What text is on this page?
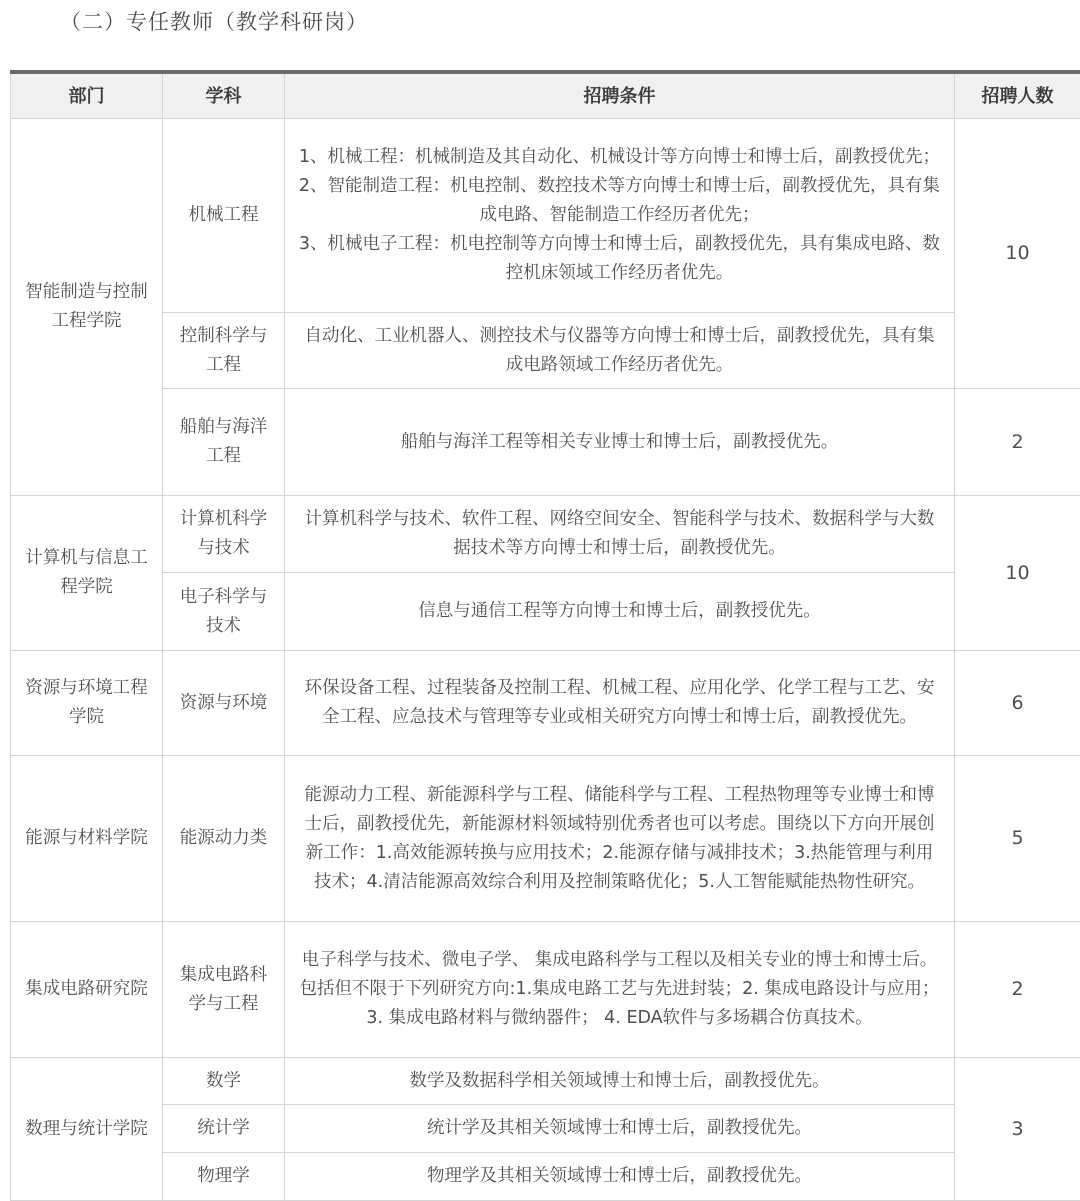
（二）专任教师（教学科研岗）
部门	学科	招聘条件	招聘人数
智能制造与控制工程学院	机械工程	1、机械工程：机械制造及其自动化、机械设计等方向博士和博士后，副教授优先；
2、智能制造工程：机电控制、数控技术等方向博士和博士后，副教授优先，具有集成电路、智能制造工作经历者优先；
3、机械电子工程：机电控制等方向博士和博士后，副教授优先，具有集成电路、数控机床领域工作经历者优先。	10
	控制科学与工程	自动化、工业机器人、测控技术与仪器等方向博士和博士后，副教授优先，具有集成电路领域工作经历者优先。	
	船舶与海洋工程	船舶与海洋工程等相关专业博士和博士后，副教授优先。	2
计算机与信息工程学院	计算机科学与技术	计算机科学与技术、软件工程、网络空间安全、智能科学与技术、数据科学与大数据技术等方向博士和博士后，副教授优先。	10
	电子科学与技术	信息与通信工程等方向博士和博士后，副教授优先。	
资源与环境工程学院	资源与环境	环保设备工程、过程装备及控制工程、机械工程、应用化学、化学工程与工艺、安全工程、应急技术与管理等专业或相关研究方向博士和博士后，副教授优先。	6
能源与材料学院	能源动力类	能源动力工程、新能源科学与工程、储能科学与工程、工程热物理等专业博士和博士后，副教授优先，新能源材料领域特别优秀者也可以考虑。围绕以下方向开展创新工作：1.高效能源转换与应用技术；2.能源存储与减排技术；3.热能管理与利用技术；4.清洁能源高效综合利用及控制策略优化；5.人工智能赋能热物性研究。	5
集成电路研究院	集成电路科学与工程	电子科学与技术、微电子学、 集成电路科学与工程以及相关专业的博士和博士后。包括但不限于下列研究方向:1.集成电路工艺与先进封装；2. 集成电路设计与应用；3. 集成电路材料与微纳器件； 4. EDA软件与多场耦合仿真技术。	2
数理与统计学院	数学	数学及数据科学相关领域博士和博士后，副教授优先。	3
	统计学	统计学及其相关领域博士和博士后，副教授优先。	
	物理学	物理学及其相关领域博士和博士后，副教授优先。	
